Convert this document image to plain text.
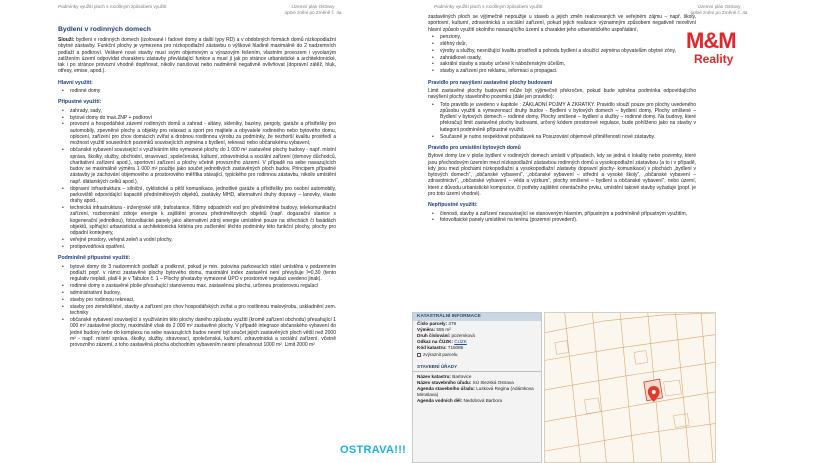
Podmínky využití ploch s rozdílným způsobem využití	Územní plán Ostravy
úplné znění po Změně č. 4a
Bydlení v rodinných domech
Slouží: bydlení v rodinných domech (izolované i řadové domy a další typy RD) a v obdobných formách domů nízkopodlažní obytné zástavby. Funkční plochy je vymezena pro nízkopodlažní zástavbu o výškové hladině maximálně do 2 nadzemních podlaží a podkroví. Veškeré nové stavby musí svým objemovým a výrazovým řešením, vlastním provozem i vyvolaným zatížením území odpovídat charakteru zástavby převládající funkce a musí jí jak po stránce urbanistické a architektonické, tak i po stránce provozní vhodně doplňovat, nikoliv narušovat nebo nadměrně negativně ovlivňovat (dopravní zátěž, hluk, otřesy, emise, apod.).
Hlavní využití:
• rodinné domy
Přípustné využití:
• zahrady, sady,
• bytové domy do max.2NP + podkroví
• provozní a hospodářské zázemí rodinných domů a zahrad - altány, skleníky, bazény, pergoly, garáže a přístřešky pro automobily, zpevněné plochy a objekty pro relaxaci a sport pro majitele a obyvatele rodinného nebo bytového domu, oplocení, zařízení pro chov domácích zvířat a drobnou rostlinnou výrobu za podmínky, že nezhorší kvalitu prostředí a možnost využití sousedních pozemků souvisejících zejména s bydlení, rekreaci nebo občanskému vybavení,
• občanské vybavení související s využíváním této vymezené plochy do 1 000 m² zastavěné plochy budovy - např. místní správa, školky, služby, obchodní, stravovací, společenská, kulturní, zdravotnická a sociální zařízení (domovy důchodců, charitativní zařízení apod.), sportovní zařízení a plochy včetně provozního zázemí. V případě na sebe navazujících budov se maximálně výměra 1 000 m² použije jako součet jednotlivých zastavěných ploch budov. Principem případné zástavby je zachování objemového a prostorového měřítka stávající, typického pro rodinnou zástavbu, nikoliv umístění např. dlátarských celků apod.),
• dopravní infrastruktura – silniční, cyklistické a pěší komunikace, jednotlivé garáže a přístřešky pro osobní automobily, parkoviště odpovídající kapacitě přednímětových objektů, zastávky MHD, alternativní druhy dopravy – lanovky, vlaste drahy apod.,
• technická infrastruktura - inženýrské sítě, trafostanice, řídimy odpadních vod pro přednímětné budovy, telekomunikační zařízení, rozboronání zdroje energie k zajištění provozu přednímětových objektů (např. dogazační stanice s kogenerační jednotkou), fotovoltaické panely jako alternativní zdroj energie umístěné pouze na střechách či fasádách objektů, splňující urbanistická a architektonická kritéria pro začlenění těchto podmínky této funkční plochy, plochy pro odpadní kontejnery,
• veřejné prostory, veřejná zeleň a vodní plochy,
• protipovodňová opatření.
Podmíněně přípustné využití:
• bytové domy do 3 nadzemních podlaží a podkroví, pokud je min. polovina parkovacích stání umístěna v podzemním podlaží popř. v rámci zastavěné plochy bytového domu, maximální index zastavění není převyšuje I=0,30 (tento regulativ neplatí, platí-li je v Tabulce č. 1 – Plochy přestavby vymezené ÚPO v prostorové regulaci uvedeno jinak).
• rodinné domy o zastavěné ploše přesahující stanovenou max. zastavěnou plochu, určenou prostorovou regulací
• administrativní budovy,
• stavby pro rodinnou rekreaci,
• stavby pro zemědělství, stavby a zařízení pro chov hospodářských zvířat a pro rostlinnou malovýrobu, uskladnění zem. techniky
• občanské vybavení související s využíváním této plochy daného způsobu využití (kromě zařízení obchodu) přesahující 1 000 m² zastavěné plochy, maximálně však do 2 000 m² zastavěné plochy. V případě integrace občanského vybavení do jedné budovy nebo do komplexu na sebe navazujících budov nesmí být součet jejich zastavěných ploch větší než 2000 m² - např. místní správa, školky, služby, stravovací, společenská, kulturní, zdravotnická a sociální zařízení, včetně provozního zázemí, z toho zastavěná plocha obchodním vybavením nesmí přesahnout 1000 m². Limit 2000 m²
Podmínky využití ploch s rozdílným způsobem využití	Územní plán Ostravy
úplné znění po Změně č. 4a
zastavěných ploch se výjimečně nepoužije u staveb a jejich změn realizovaných ve veřejném zájmu – např. školy, sportovní, kulturní, zdravotnická a sociální zařízení, pokud jejich realizace významným způsobem negativně neovlivní hlavní způsob využití okolního navazujícího území a charakter jeho urbanistického uspořádání,
• penziony,
• stěhný dvůr,
• výroby a služby, nesnižující kvalitu prostředí a pohodu bydlení a sloužící zejména obyvatelům obytné zóny,
• zahrádkové osady,
• sakrální stavby a stavby určené k náboženským účelům,
• stavby a zařízení pro reklamu, informaci a propagaci.
Pravidlo pro navýšení zastavěné plochy budovami
Limit zastavěné plochy budovami může být výjimečně překročen, pokud bude splněna podmínka odpovídajícího navýšení plochy stavebního pozemku (dále jen pravidlo):
• Toto pravidlo je uvedeno v kapitole : ZÁKLADNÍ POJMY A ZKRATKY. Pravidlo slouží pouze pro plochy uvedeného způsobu využití a vymezenoucí druhy budov - Bydlení v bytových domech – bydlení domy, Plochy smíšené – Bydlení v bytových domech – rodinné domy, Plochy smíšené – bydlení a služby – rodinné domy. Na budovy, které překračují limit zastavěné plochy budovami, určený kódem prostorové regulace, bude pohlíženo jako na stavby v kategorii podmíněně přípustné využití.
• Současně je nutno respektovat požadavek na Posuzování objemově přiměřenosti nové zástavby.
Pravidlo pro umístění bytových domů
Bytové domy lze v ploše bydlení v rodinných domech umístit v případech, kdy se jedná o lokality nebo pozemky, které jsou přechodovým územím mezi nízkopodlažní zástavbou rodinných domů a vysokopodlažní zástavbou (a to i v případě, kdy jsou mezi plochami nízkopodlažní a vysokopodlažní zástavby dopravní plochy- komunikace) v plochách „bydlení v bytových domech“, „občanské vybavení“, „občanské vybavení – střední a vysoké školy“, „občanské vybavení – zdravotnictví“, „občanské vybavení – věda a výzkum“, plochy smíšené – bydlení a občanské vybavení“, nebo území, které z důvodu urbanistické kompozice, či potřeby zajištění orientačního prvku, umístění takové stavby vyžaduje (popř. je pro toto území vhodné).
Nepřípustné využití:
• činnosti, stavby a zařízení nesouvisející se stanoveným hlavním, přípustným a podmíněně přípustným využitím,
• fotovoltaické panely umístěné na terénu (pozemní provedení).
M&M
Reality
KATASTRÁLNÍ INFORMACE
Číslo parcely: 379
Výměra: 555 m²
Druh číslování: pozemková
Odkaz na ČÚZK: ČÚZK
Kód katastru: 715085
zvýraznit parcelu
STAVEBNÍ ÚŘADY
Název katastru: Bartovice
Název stavebního úřadu: SÚ Slezská Ostrava
Agenda stavebního úřadu: Lusková Regina (Adámkova Miroslava)
Agenda vodních děl: Nedobová Barbora
OSTRAVA!!!
